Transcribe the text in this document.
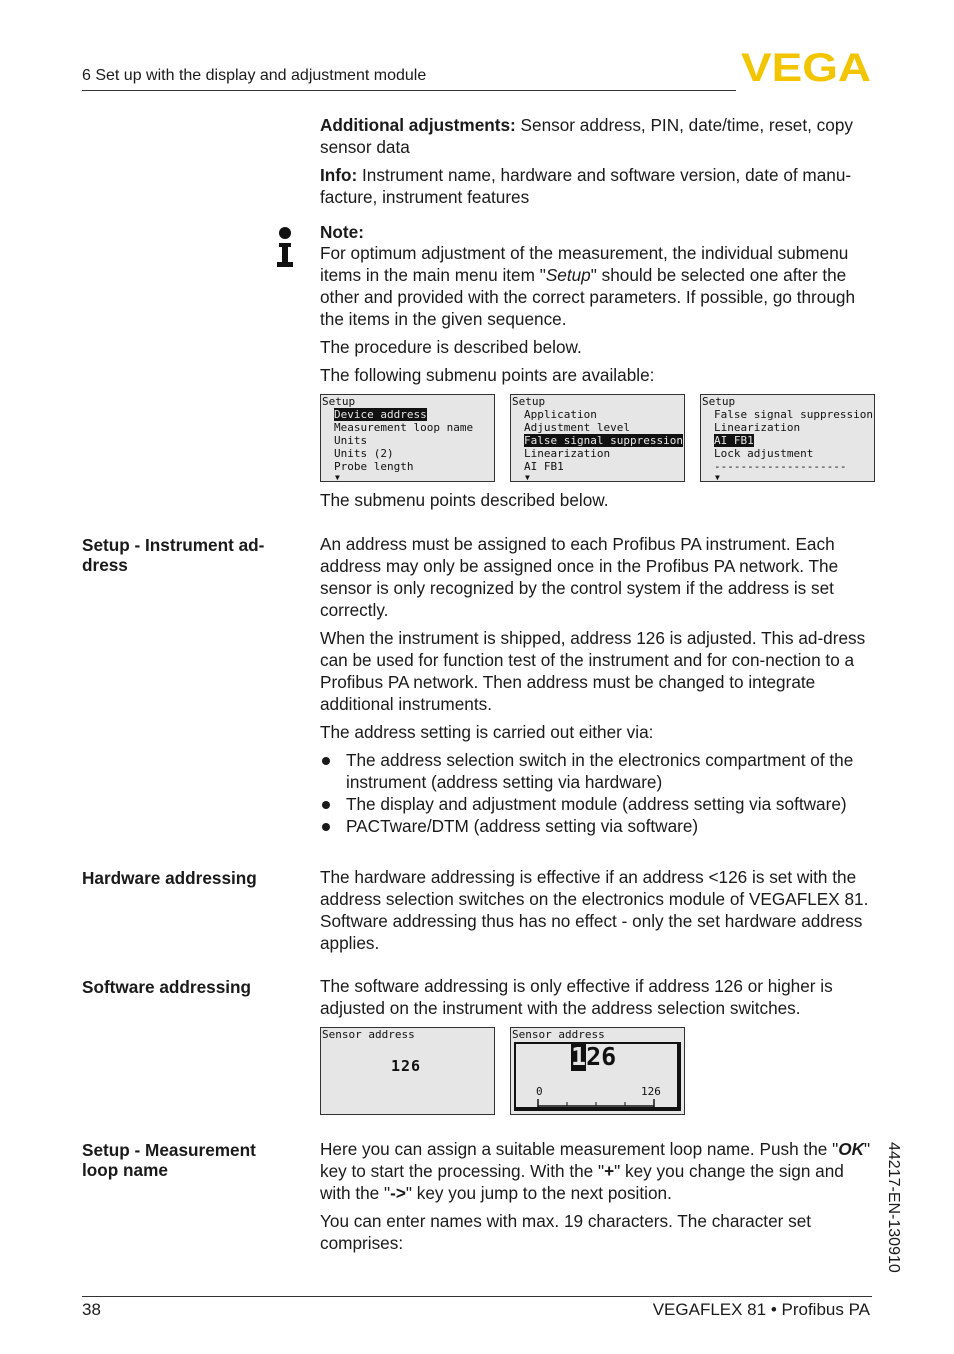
6 Set up with the display and adjustment module	VEGA

Additional adjustments: Sensor address, PIN, date/time, reset, copy sensor data

Info: Instrument name, hardware and software version, date of manu-facture, instrument features

Note:

For optimum adjustment of the measurement, the individual submenu items in the main menu item "Setup" should be selected one after the other and provided with the correct parameters. If possible, go through the items in the given sequence.

The procedure is described below.

The following submenu points are available:

Setup
Device address
Measurement loop name
Units
Units (2)
Probe length
▼
Setup
Application
Adjustment level
False signal suppression
Linearization
AI FB1
▼
Setup
False signal suppression
Linearization
AI FB1
Lock adjustment
--------------------
▼

The submenu points described below.

Setup - Instrument ad-dress

An address must be assigned to each Profibus PA instrument. Each address may only be assigned once in the Profibus PA network. The sensor is only recognized by the control system if the address is set correctly.

When the instrument is shipped, address 126 is adjusted. This ad-dress can be used for function test of the instrument and for con-nection to a Profibus PA network. Then address must be changed to integrate additional instruments.

The address setting is carried out either via:

The address selection switch in the electronics compartment of the instrument (address setting via hardware)
The display and adjustment module (address setting via software)
PACTware/DTM (address setting via software)

Hardware addressing	The hardware addressing is effective if an address <126 is set with the address selection switches on the electronics module of VEGAFLEX 81. Software addressing thus has no effect - only the set hardware address applies.

Software addressing	The software addressing is only effective if address 126 or higher is adjusted on the instrument with the address selection switches.

Sensor address
126
Sensor address
126
0	126

Setup - Measurement loop name

Here you can assign a suitable measurement loop name. Push the "OK" key to start the processing. With the "+" key you change the sign and with the "->" key you jump to the next position.

You can enter names with max. 19 characters. The character set comprises:	44217-EN-130910
38	VEGAFLEX 81 • Profibus PA
